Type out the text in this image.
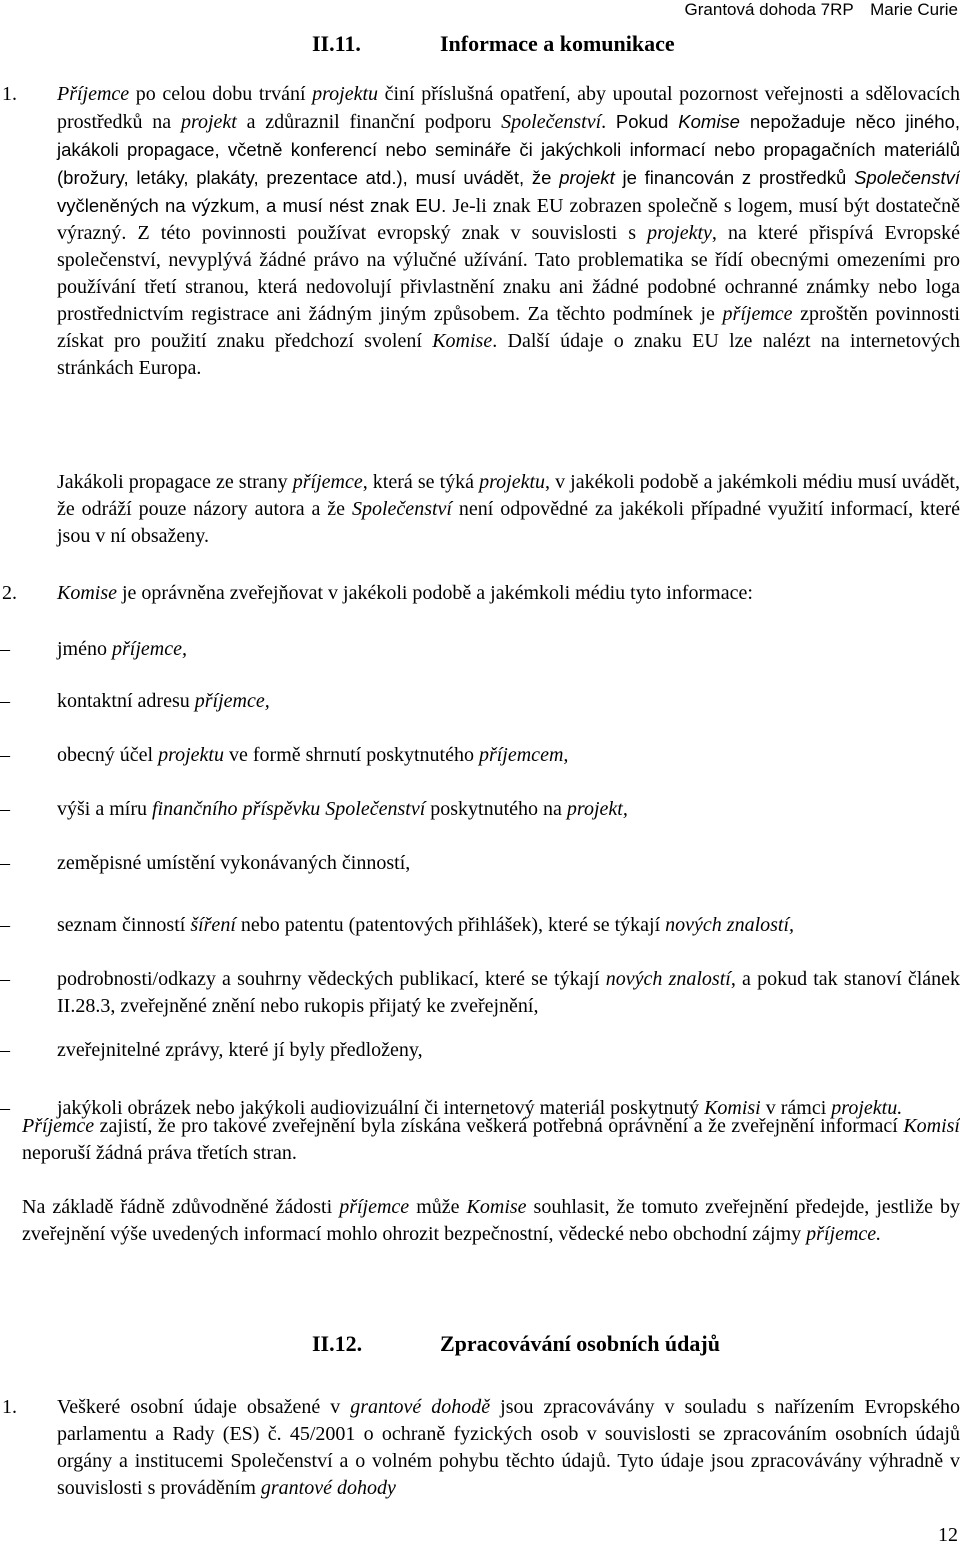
Grantová dohoda 7RP Marie Curie
II.11.	Informace a komunikace
1. Příjemce po celou dobu trvání projektu činí příslušná opatření, aby upoutal pozornost veřejnosti a sdělovacích prostředků na projekt a zdůraznil finanční podporu Společenství. Pokud Komise nepožaduje něco jiného, jakákoli propagace, včetně konferencí nebo semináře či jakýchkoli informací nebo propagačních materiálů (brožury, letáky, plakáty, prezentace atd.), musí uvádět, že projekt je financován z prostředků Společenství vyčleněných na výzkum, a musí nést znak EU. Je-li znak EU zobrazen společně s logem, musí být dostatečně výrazný. Z této povinnosti používat evropský znak v souvislosti s projekty, na které přispívá Evropské společenství, nevyplývá žádné právo na výlučné užívání. Tato problematika se řídí obecnými omezeními pro používání třetí stranou, která nedovolují přivlastnění znaku ani žádné podobné ochranné známky nebo loga prostřednictvím registrace ani žádným jiným způsobem. Za těchto podmínek je příjemce zproštěn povinnosti získat pro použití znaku předchozí svolení Komise. Další údaje o znaku EU lze nalézt na internetových stránkách Europa.
Jakákoli propagace ze strany příjemce, která se týká projektu, v jakékoli podobě a jakémkoli médiu musí uvádět, že odráží pouze názory autora a že Společenství není odpovědné za jakékoli případné využití informací, které jsou v ní obsaženy.
2. Komise je oprávněna zveřejňovat v jakékoli podobě a jakémkoli médiu tyto informace:
–	jméno příjemce,
–	kontaktní adresu příjemce,
–	obecný účel projektu ve formě shrnutí poskytnutého příjemcem,
–	výši a míru finančního příspěvku Společenství poskytnutého na projekt,
–	zeměpisné umístění vykonávaných činností,
–	seznam činností šíření nebo patentu (patentových přihlášek), které se týkají nových znalostí,
–	podrobnosti/odkazy a souhrny vědeckých publikací, které se týkají nových znalostí, a pokud tak stanoví článek II.28.3, zveřejněné znění nebo rukopis přijatý ke zveřejnění,
–	zveřejnitelné zprávy, které jí byly předloženy,
–	jakýkoli obrázek nebo jakýkoli audiovizuální či internetový materiál poskytnutý Komisi v rámci projektu.
Příjemce zajistí, že pro takové zveřejnění byla získána veškerá potřebná oprávnění a že zveřejnění informací Komisí neporuší žádná práva třetích stran.
Na základě řádně zdůvodněné žádosti příjemce může Komise souhlasit, že tomuto zveřejnění předejde, jestliže by zveřejnění výše uvedených informací mohlo ohrozit bezpečnostní, vědecké nebo obchodní zájmy příjemce.
II.12.	Zpracovávání osobních údajů
1. Veškeré osobní údaje obsažené v grantové dohodě jsou zpracovávány v souladu s nařízením Evropského parlamentu a Rady (ES) č. 45/2001 o ochraně fyzických osob v souvislosti se zpracováním osobních údajů orgány a institucemi Společenství a o volném pohybu těchto údajů. Tyto údaje jsou zpracovávány výhradně v souvislosti s prováděním grantové dohody
12
